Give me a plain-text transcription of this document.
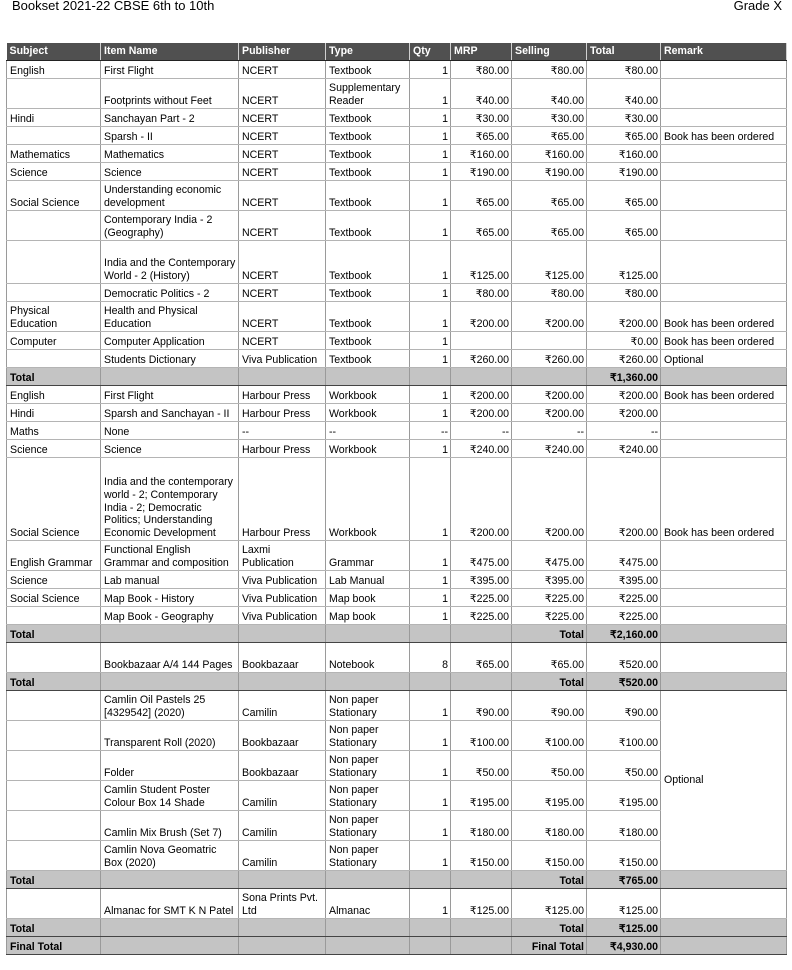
Bookset 2021-22 CBSE 6th to 10th	Grade X
Subject	Item Name	Publisher	Type	Qty	MRP	Selling	Total	Remark
English	First Flight	NCERT	Textbook	1	₹80.00	₹80.00	₹80.00	
	Footprints without Feet	NCERT	Supplementary Reader	1	₹40.00	₹40.00	₹40.00	
Hindi	Sanchayan Part - 2	NCERT	Textbook	1	₹30.00	₹30.00	₹30.00	
	Sparsh - II	NCERT	Textbook	1	₹65.00	₹65.00	₹65.00	Book has been ordered
Mathematics	Mathematics	NCERT	Textbook	1	₹160.00	₹160.00	₹160.00	
Science	Science	NCERT	Textbook	1	₹190.00	₹190.00	₹190.00	
Social Science	Understanding economic development	NCERT	Textbook	1	₹65.00	₹65.00	₹65.00	
	Contemporary India - 2 (Geography)	NCERT	Textbook	1	₹65.00	₹65.00	₹65.00	
	India and the Contemporary World - 2 (History)	NCERT	Textbook	1	₹125.00	₹125.00	₹125.00	
	Democratic Politics - 2	NCERT	Textbook	1	₹80.00	₹80.00	₹80.00	
Physical Education	Health and Physical Education	NCERT	Textbook	1	₹200.00	₹200.00	₹200.00	Book has been ordered
Computer	Computer Application	NCERT	Textbook	1			₹0.00	Book has been ordered
	Students Dictionary	Viva Publication	Textbook	1	₹260.00	₹260.00	₹260.00	Optional
Total							₹1,360.00	
English	First Flight	Harbour Press	Workbook	1	₹200.00	₹200.00	₹200.00	Book has been ordered
Hindi	Sparsh and Sanchayan - II	Harbour Press	Workbook	1	₹200.00	₹200.00	₹200.00	
Maths	None	--	--	--	--	--	--	
Science	Science	Harbour Press	Workbook	1	₹240.00	₹240.00	₹240.00	
Social Science	India and the contemporary world - 2; Contemporary India - 2; Democratic Politics; Understanding Economic Development	Harbour Press	Workbook	1	₹200.00	₹200.00	₹200.00	Book has been ordered
English Grammar	Functional English Grammar and composition	Laxmi Publication	Grammar	1	₹475.00	₹475.00	₹475.00	
Science	Lab manual	Viva Publication	Lab Manual	1	₹395.00	₹395.00	₹395.00	
Social Science	Map Book - History	Viva Publication	Map book	1	₹225.00	₹225.00	₹225.00	
	Map Book - Geography	Viva Publication	Map book	1	₹225.00	₹225.00	₹225.00	
Total						Total	₹2,160.00	
	Bookbazaar A/4 144 Pages	Bookbazaar	Notebook	8	₹65.00	₹65.00	₹520.00	
Total						Total	₹520.00	
	Camlin Oil Pastels 25 [4329542] (2020)	Camilin	Non paper Stationary	1	₹90.00	₹90.00	₹90.00	Optional
	Transparent Roll (2020)	Bookbazaar	Non paper Stationary	1	₹100.00	₹100.00	₹100.00	
	Folder	Bookbazaar	Non paper Stationary	1	₹50.00	₹50.00	₹50.00	
	Camlin Student Poster Colour Box 14 Shade	Camilin	Non paper Stationary	1	₹195.00	₹195.00	₹195.00	
	Camlin Mix Brush (Set 7)	Camilin	Non paper Stationary	1	₹180.00	₹180.00	₹180.00	
	Camlin Nova Geomatric Box (2020)	Camilin	Non paper Stationary	1	₹150.00	₹150.00	₹150.00	
Total						Total	₹765.00	
	Almanac for SMT K N Patel	Sona Prints Pvt. Ltd	Almanac	1	₹125.00	₹125.00	₹125.00	
Total						Total	₹125.00	
Final Total						Final Total	₹4,930.00	
